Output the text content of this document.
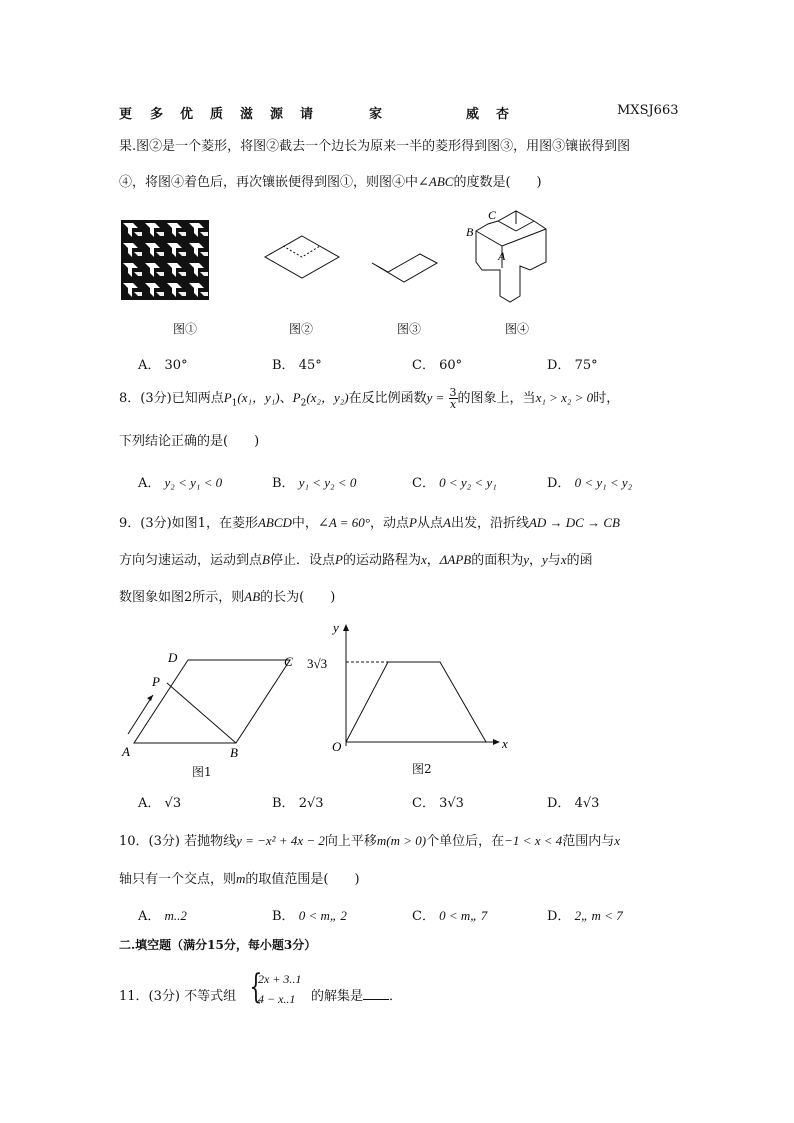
更 多 优 质 滋 源 请	家	威 杏	MXSJ663
果.图②是一个菱形，将图②截去一个边长为原来一半的菱形得到图③，用图③镶嵌得到图
④，将图④着色后，再次镶嵌便得到图①，则图④中∠ABC的度数是(　　)
C
B
A
图①	图②	图③	图④
A． 30°	B． 45°	C． 60°	D． 75°
8．(3分)已知两点$P_1(x_1$，y₁)、$P_2(x_2$，y₂)在反比例函数$y = \frac{3}{x}$ 的图象上，当x₁ > x₂ > 0时，
下列结论正确的是(　　)
A． y₂ < y₁ < 0	B． y₁ < y₂ < 0	C． 0 < y₂ < y₁	D． 0 < y₁ < y₂
9．(3分)如图1，在菱形ABCD中，∠A = 60°，动点P从点A出发，沿折线AD → DC → CB
方向匀速运动，运动到点B停止．设点P的运动路程为x，ΔAPB的面积为y，y与x的函
数图象如图2所示，则AB的长为(　　)
D	C
P
A	B
图1
y
x
O
3√3
图2
A． √3	B． 2√3	C． 3√3	D． 4√3
10．(3分) 若抛物线y = −x² + 4x − 2向上平移m(m > 0)个单位后，在−1 < x < 4范围内与x
轴只有一个交点，则m的取值范围是(　　)
A． m..2	B． 0 < m„ 2	C． 0 < m„ 7	D． 2„ m < 7
二.填空题（满分15分，每小题3分）
11．(3分) 不等式组 {
2x + 3..1
4 − x..1 的解集是 ．
